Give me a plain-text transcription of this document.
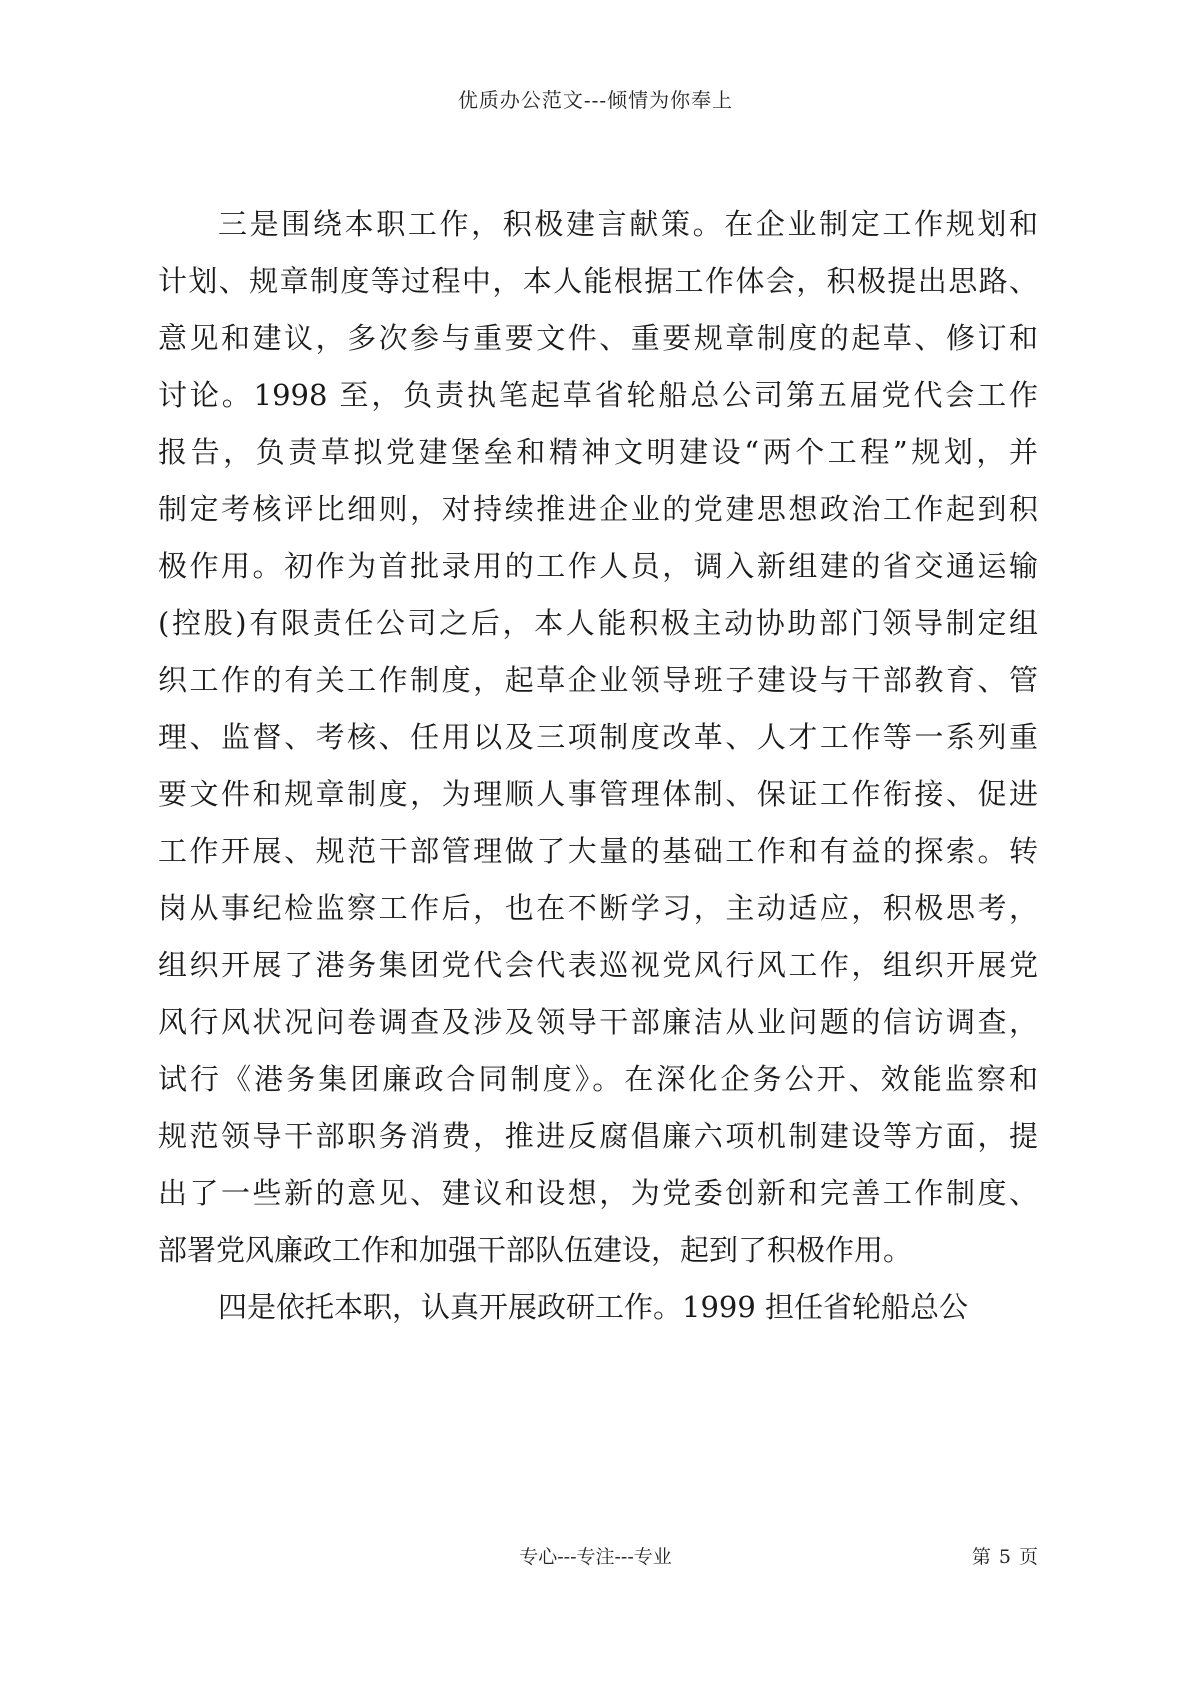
优质办公范文---倾情为你奉上
三是围绕本职工作，积极建言献策。在企业制定工作规划和
计划、规章制度等过程中，本人能根据工作体会，积极提出思路、
意见和建议，多次参与重要文件、重要规章制度的起草、修订和
讨论。1998 至，负责执笔起草省轮船总公司第五届党代会工作
报告，负责草拟党建堡垒和精神文明建设“两个工程”规划，并
制定考核评比细则，对持续推进企业的党建思想政治工作起到积
极作用。初作为首批录用的工作人员，调入新组建的省交通运输
(控股)有限责任公司之后，本人能积极主动协助部门领导制定组
织工作的有关工作制度，起草企业领导班子建设与干部教育、管
理、监督、考核、任用以及三项制度改革、人才工作等一系列重
要文件和规章制度，为理顺人事管理体制、保证工作衔接、促进
工作开展、规范干部管理做了大量的基础工作和有益的探索。转
岗从事纪检监察工作后，也在不断学习，主动适应，积极思考，
组织开展了港务集团党代会代表巡视党风行风工作，组织开展党
风行风状况问卷调查及涉及领导干部廉洁从业问题的信访调查，
试行《港务集团廉政合同制度》。在深化企务公开、效能监察和
规范领导干部职务消费，推进反腐倡廉六项机制建设等方面，提
出了一些新的意见、建议和设想，为党委创新和完善工作制度、
部署党风廉政工作和加强干部队伍建设，起到了积极作用。
四是依托本职，认真开展政研工作。1999 担任省轮船总公
专心---专注---专业	第 5 页
